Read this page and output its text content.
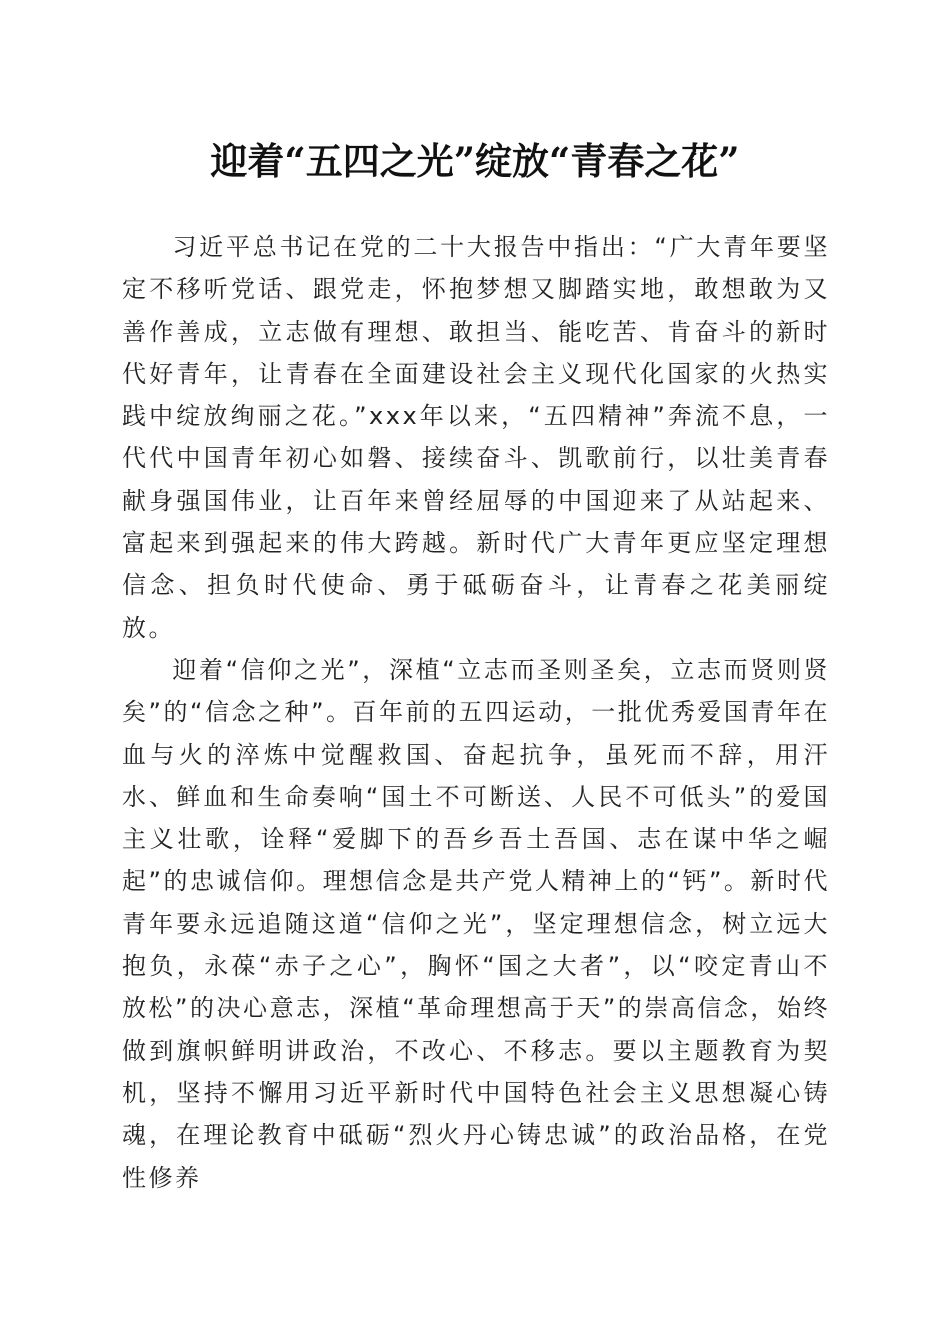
迎着“五四之光”绽放“青春之花”

习近平总书记在党的二十大报告中指出：“广大青年要坚定不移听党话、跟党走，怀抱梦想又脚踏实地，敢想敢为又善作善成，立志做有理想、敢担当、能吃苦、肯奋斗的新时代好青年，让青春在全面建设社会主义现代化国家的火热实践中绽放绚丽之花。”xxx年以来，“五四精神”奔流不息，一代代中国青年初心如磐、接续奋斗、凯歌前行，以壮美青春献身强国伟业，让百年来曾经屈辱的中国迎来了从站起来、富起来到强起来的伟大跨越。新时代广大青年更应坚定理想信念、担负时代使命、勇于砥砺奋斗，让青春之花美丽绽放。

迎着“信仰之光”，深植“立志而圣则圣矣，立志而贤则贤矣”的“信念之种”。百年前的五四运动，一批优秀爱国青年在血与火的淬炼中觉醒救国、奋起抗争，虽死而不辞，用汗水、鲜血和生命奏响“国土不可断送、人民不可低头”的爱国主义壮歌，诠释“爱脚下的吾乡吾土吾国、志在谋中华之崛起”的忠诚信仰。理想信念是共产党人精神上的“钙”。新时代青年要永远追随这道“信仰之光”，坚定理想信念，树立远大抱负，永葆“赤子之心”，胸怀“国之大者”，以“咬定青山不放松”的决心意志，深植“革命理想高于天”的崇高信念，始终做到旗帜鲜明讲政治，不改心、不移志。要以主题教育为契机，坚持不懈用习近平新时代中国特色社会主义思想凝心铸魂，在理论教育中砥砺“烈火丹心铸忠诚”的政治品格，在党性修养
